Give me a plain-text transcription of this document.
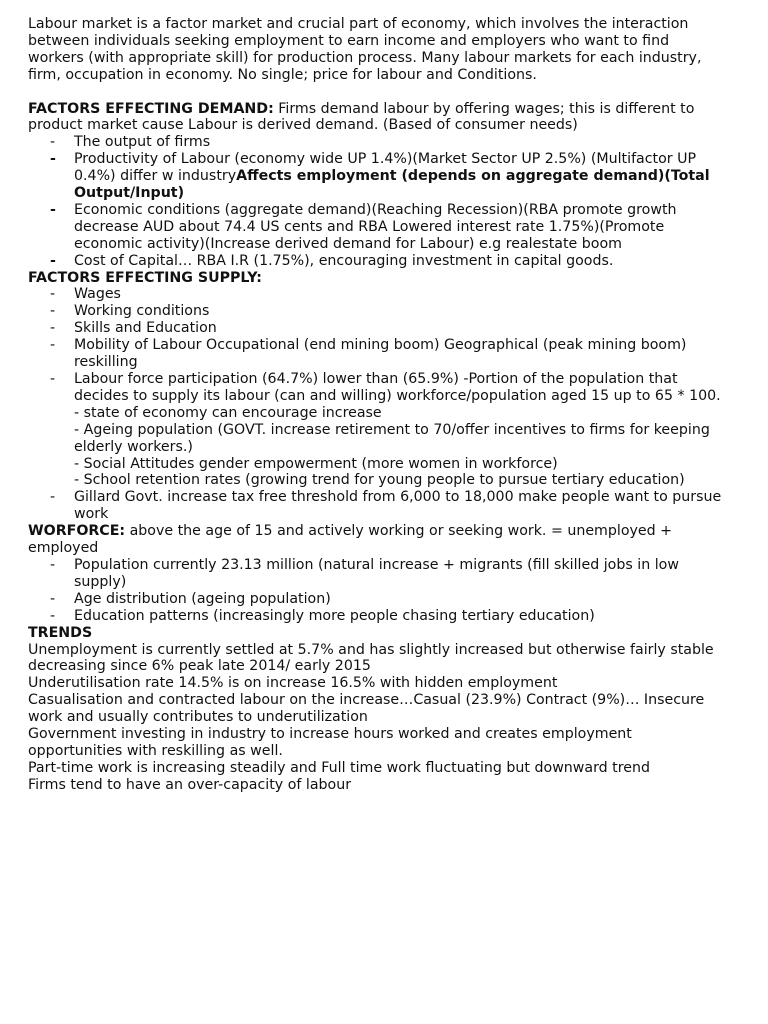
Labour market is a factor market and crucial part of economy, which involves the interaction between individuals seeking employment to earn income and employers who want to find workers (with appropriate skill) for production process. Many labour markets for each industry, firm, occupation in economy. No single; price for labour and Conditions.

FACTORS EFFECTING DEMAND: Firms demand labour by offering wages; this is different to product market cause Labour is derived demand. (Based of consumer needs)

- The output of firms
- Productivity of Labour (economy wide UP 1.4%)(Market Sector UP 2.5%) (Multifactor UP 0.4%) differ w industryAffects employment (depends on aggregate demand)(Total Output/Input)
- Economic conditions (aggregate demand)(Reaching Recession)(RBA promote growth decrease AUD about 74.4 US cents and RBA Lowered interest rate 1.75%)(Promote economic activity)(Increase derived demand for Labour) e.g realestate boom
- Cost of Capital… RBA I.R (1.75%), encouraging investment in capital goods.

FACTORS EFFECTING SUPPLY:

- Wages
- Working conditions
- Skills and Education
- Mobility of Labour Occupational (end mining boom) Geographical (peak mining boom) reskilling
- Labour force participation (64.7%) lower than (65.9%) -Portion of the population that decides to supply its labour (can and willing) workforce/population aged 15 up to 65 * 100.
- state of economy can encourage increase
- Ageing population (GOVT. increase retirement to 70/offer incentives to firms for keeping elderly workers.)
- Social Attitudes gender empowerment (more women in workforce)
- School retention rates (growing trend for young people to pursue tertiary education)
- Gillard Govt. increase tax free threshold from 6,000 to 18,000 make people want to pursue work

WORFORCE: above the age of 15 and actively working or seeking work. = unemployed + employed

- Population currently 23.13 million (natural increase + migrants (fill skilled jobs in low supply)
- Age distribution (ageing population)
- Education patterns (increasingly more people chasing tertiary education)

TRENDS

Unemployment is currently settled at 5.7% and has slightly increased but otherwise fairly stable decreasing since 6% peak late 2014/ early 2015

Underutilisation rate 14.5% is on increase 16.5% with hidden employment

Casualisation and contracted labour on the increase…Casual (23.9%) Contract (9%)… Insecure work and usually contributes to underutilization

Government investing in industry to increase hours worked and creates employment opportunities with reskilling as well.

Part-time work is increasing steadily and Full time work fluctuating but downward trend

Firms tend to have an over-capacity of labour
